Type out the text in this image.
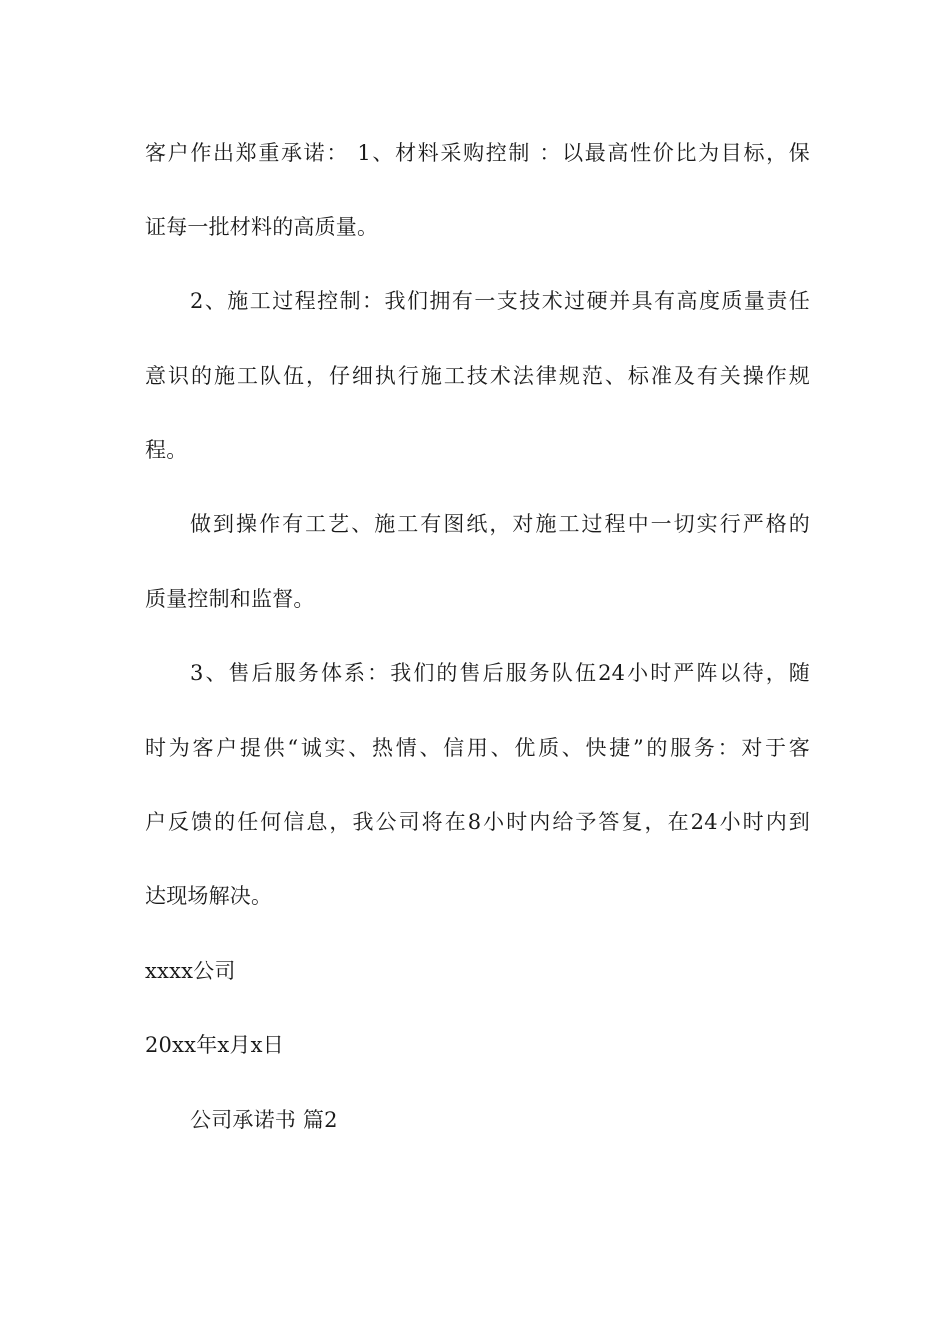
客户作出郑重承诺： 1、材料采购控制 ：以最高性价比为目标，保
证每一批材料的高质量。
2、施工过程控制：我们拥有一支技术过硬并具有高度质量责任
意识的施工队伍，仔细执行施工技术法律规范、标准及有关操作规
程。
做到操作有工艺、施工有图纸，对施工过程中一切实行严格的
质量控制和监督。
3、售后服务体系：我们的售后服务队伍24小时严阵以待，随
时为客户提供“诚实、热情、信用、优质、快捷”的服务：对于客
户反馈的任何信息，我公司将在8小时内给予答复，在24小时内到
达现场解决。
xxxx公司
20xx年x月x日
公司承诺书 篇2
